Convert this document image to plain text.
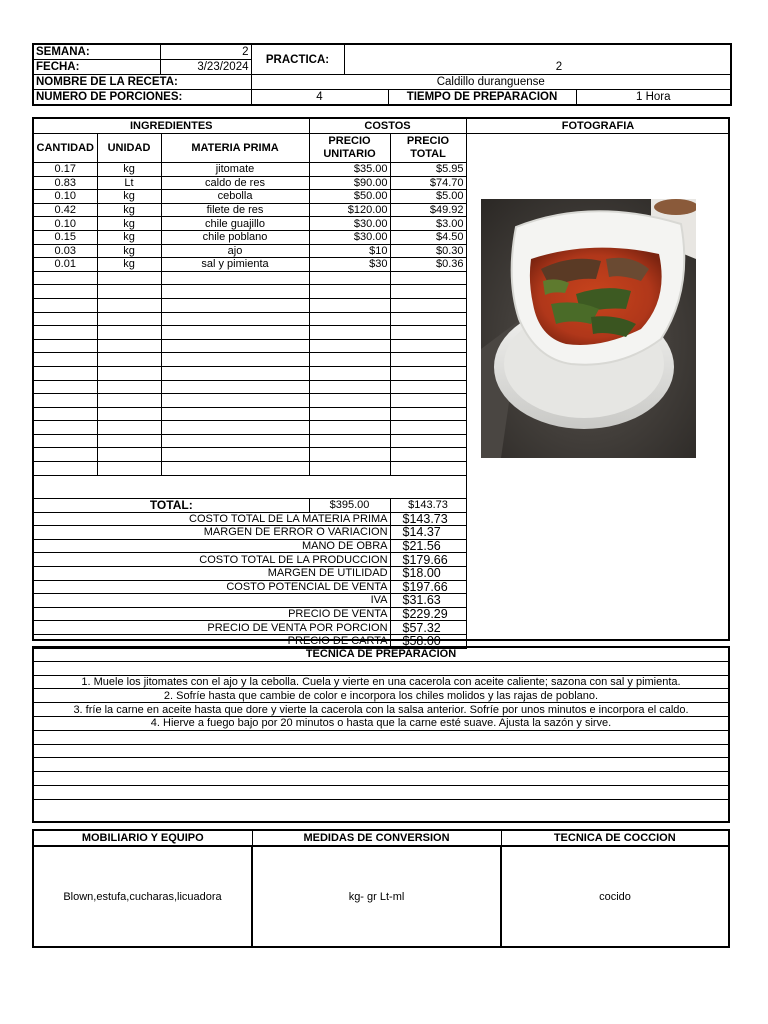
SEMANA:	2	PRACTICA:			
FECHA:	3/23/2024			2	
NOMBRE DE LA RECETA:		Caldillo duranguense			
NUMERO DE PORCIONES:		4		TIEMPO DE PREPARACION	1 Hora
INGREDIENTES			COSTOS	
CANTIDAD	UNIDAD	MATERIA PRIMA	PRECIO UNITARIO	PRECIO TOTAL
0.17	kg	jitomate	$35.00	$5.95
0.83	Lt	caldo de res	$90.00	$74.70
0.10	kg	cebolla	$50.00	$5.00
0.42	kg	filete de res	$120.00	$49.92
0.10	kg	chile guajillo	$30.00	$3.00
0.15	kg	chile poblano	$30.00	$4.50
0.03	kg	ajo	$10	$0.30
0.01	kg	sal y pimienta	$30	$0.36

FOTOGRAFIA
TOTAL:	$395.00	$143.73
COSTO TOTAL DE LA MATERIA PRIMA		$143.73
MARGEN DE ERROR O VARIACION		$14.37
MANO DE OBRA		$21.56
COSTO TOTAL DE LA PRODUCCION		$179.66
MARGEN DE UTILIDAD		$18.00
COSTO POTENCIAL DE VENTA		$197.66
IVA		$31.63
PRECIO DE VENTA		$229.29
PRECIO DE VENTA POR PORCION		$57.32
PRECIO DE CARTA		$58.00
TECNICA DE PREPARACION

1. Muele los jitomates con el ajo y la cebolla. Cuela y vierte en una cacerola con aceite caliente; sazona con sal y pimienta.
2. Sofríe hasta que cambie de color e incorpora los chiles molidos y las rajas de poblano.
3. fríe la carne en aceite hasta que dore y vierte la cacerola con la salsa anterior. Sofríe por unos minutos e incorpora el caldo.
4. Hierve a fuego bajo por 20 minutos o hasta que la carne esté suave. Ajusta la sazón y sirve.

MOBILIARIO Y EQUIPO	MEDIDAS DE CONVERSION	TECNICA DE COCCION
Blown,estufa,cucharas,licuadora	kg- gr Lt-ml	cocido
